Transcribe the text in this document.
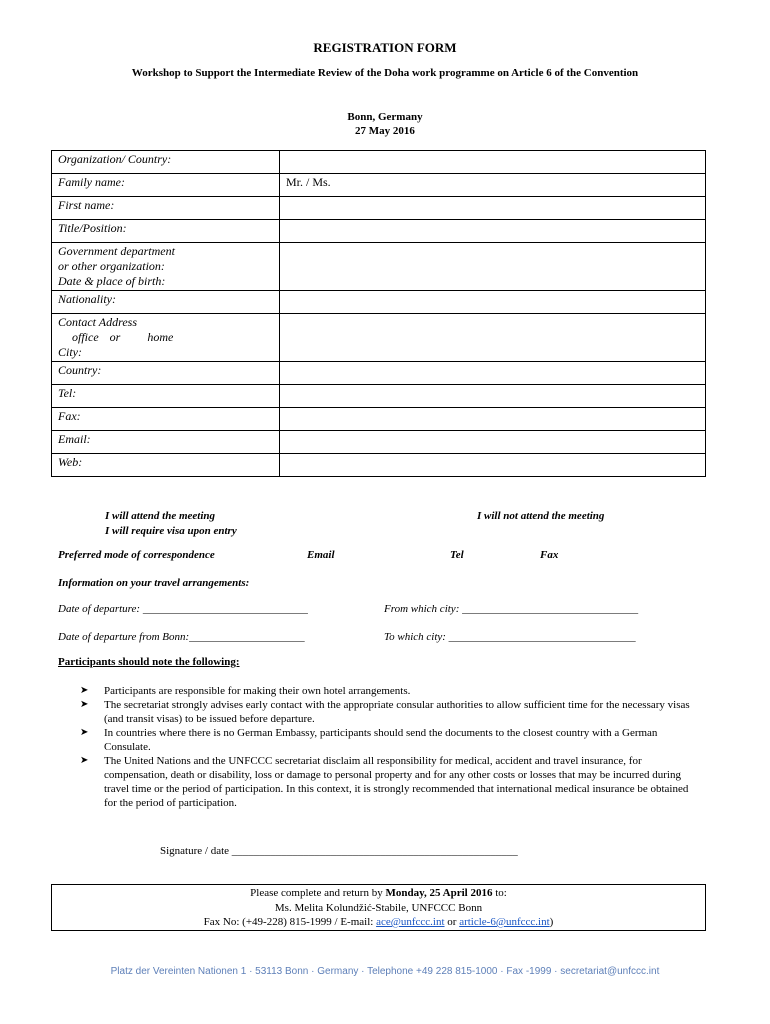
REGISTRATION FORM
Workshop to Support the Intermediate Review of the Doha work programme on Article 6 of the Convention
Bonn, Germany
27 May 2016
Organization/ Country:	
Family name:	Mr. / Ms.
First name:	
Title/Position:	

Government department
or other organization:
Date & place of birth:	

Nationality:	

Contact Address
office or home
City:	

Country:	
Tel:	
Fax:	
Email:	
Web:	
I will attend the meeting
I will require visa upon entry
I will not attend the meeting
Preferred mode of correspondence	Email	Tel	Fax
Information on your travel arrangements:
Date of departure: ______________________________	From which city: ________________________________
Date of departure from Bonn:_____________________	To which city: __________________________________
Participants should note the following:
➤ Participants are responsible for making their own hotel arrangements.
➤ The secretariat strongly advises early contact with the appropriate consular authorities to allow sufficient time for the necessary visas (and transit visas) to be issued before departure.
➤ In countries where there is no German Embassy, participants should send the documents to the closest country with a German Consulate.
➤ The United Nations and the UNFCCC secretariat disclaim all responsibility for medical, accident and travel insurance, for compensation, death or disability, loss or damage to personal property and for any other costs or losses that may be incurred during travel time or the period of participation. In this context, it is strongly recommended that international medical insurance be obtained for the period of participation.
Signature / date ____________________________________________________
Please complete and return by Monday, 25 April 2016 to:
Ms. Melita Kolundžić-Stabile, UNFCCC Bonn
Fax No: (+49-228) 815-1999 / E-mail: ace@unfccc.int or article-6@unfccc.int)
Platz der Vereinten Nationen 1 · 53113 Bonn · Germany · Telephone +49 228 815-1000 · Fax -1999 · secretariat@unfccc.int
